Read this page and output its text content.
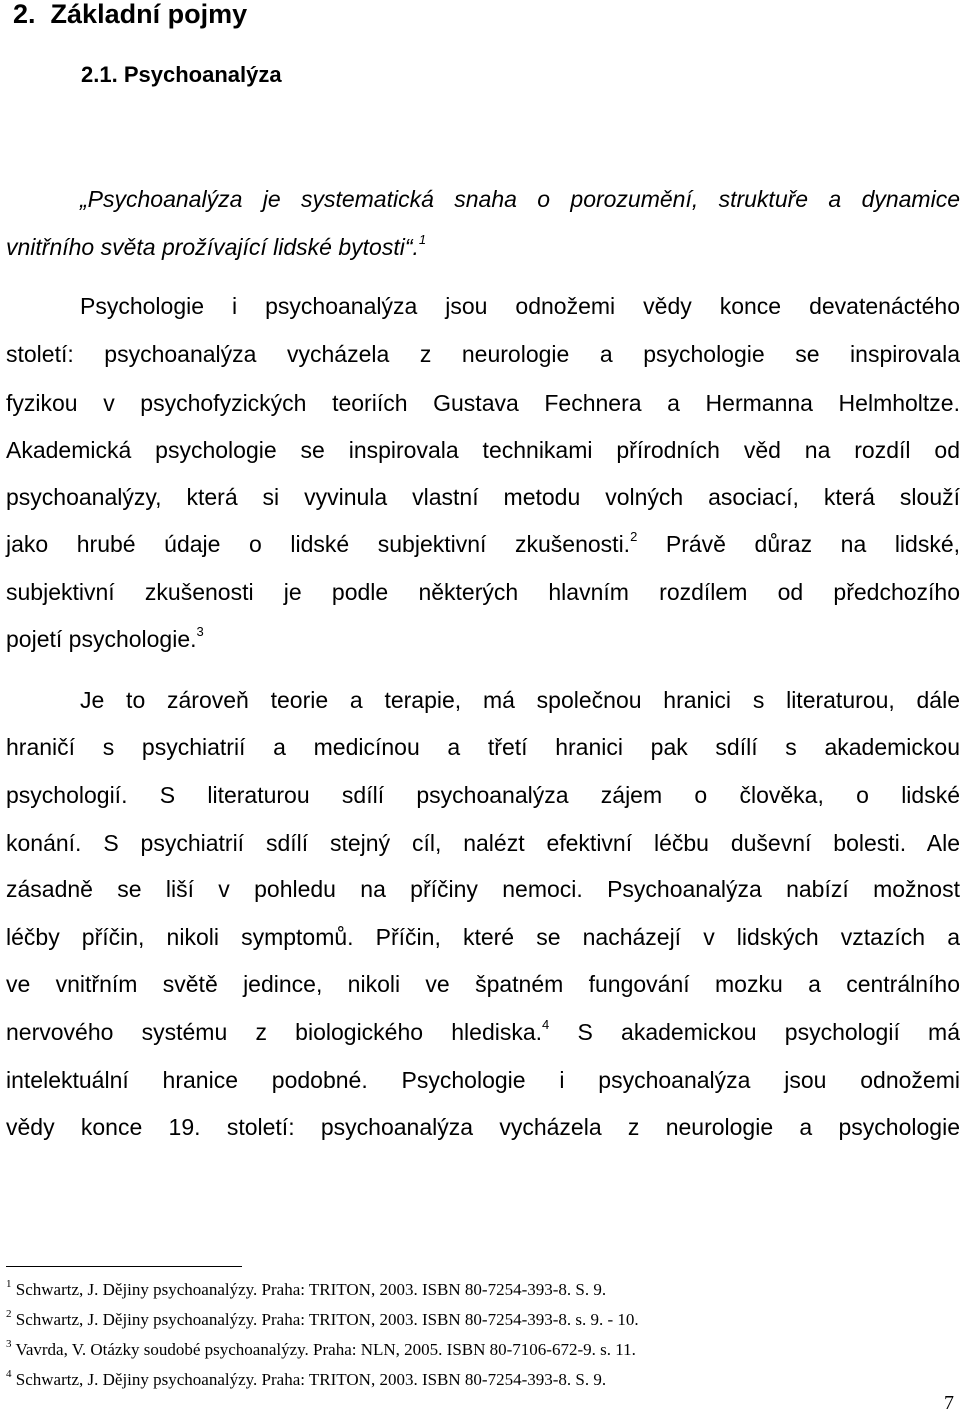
2. Základní pojmy
2.1. Psychoanalýza
„Psychoanalýza je systematická snaha o porozumění, struktuře a dynamice
vnitřního světa prožívající lidské bytosti“.$^1$
Psychologie i psychoanalýza jsou odnožemi vědy konce devatenáctého
století: psychoanalýza vycházela z neurologie a psychologie se inspirovala
fyzikou v psychofyzických teoriích Gustava Fechnera a Hermanna Helmholtze.
Akademická psychologie se inspirovala technikami přírodních věd na rozdíl od
psychoanalýzy, která si vyvinula vlastní metodu volných asociací, která slouží
jako hrubé údaje o lidské subjektivní zkušenosti.$^2$ Právě důraz na lidské,
subjektivní zkušenosti je podle některých hlavním rozdílem od předchozího
pojetí psychologie.$^3$
Je to zároveň teorie a terapie, má společnou hranici s literaturou, dále
hraničí s psychiatrií a medicínou a třetí hranici pak sdílí s akademickou
psychologií. S literaturou sdílí psychoanalýza zájem o člověka, o lidské
konání. S psychiatrií sdílí stejný cíl, nalézt efektivní léčbu duševní bolesti. Ale
zásadně se liší v pohledu na příčiny nemoci. Psychoanalýza nabízí možnost
léčby příčin, nikoli symptomů. Příčin, které se nacházejí v lidských vztazích a
ve vnitřním světě jedince, nikoli ve špatném fungování mozku a centrálního
nervového systému z biologického hlediska.$^4$ S akademickou psychologií má
intelektuální hranice podobné. Psychologie i psychoanalýza jsou odnožemi
vědy konce 19. století: psychoanalýza vycházela z neurologie a psychologie
$^1$ Schwartz, J. Dějiny psychoanalýzy. Praha: TRITON, 2003. ISBN 80-7254-393-8. S. 9.
$^2$ Schwartz, J. Dějiny psychoanalýzy. Praha: TRITON, 2003. ISBN 80-7254-393-8. s. 9. - 10.
$^3$ Vavrda, V. Otázky soudobé psychoanalýzy. Praha: NLN, 2005. ISBN 80-7106-672-9. s. 11.
$^4$ Schwartz, J. Dějiny psychoanalýzy. Praha: TRITON, 2003. ISBN 80-7254-393-8. S. 9.
7
